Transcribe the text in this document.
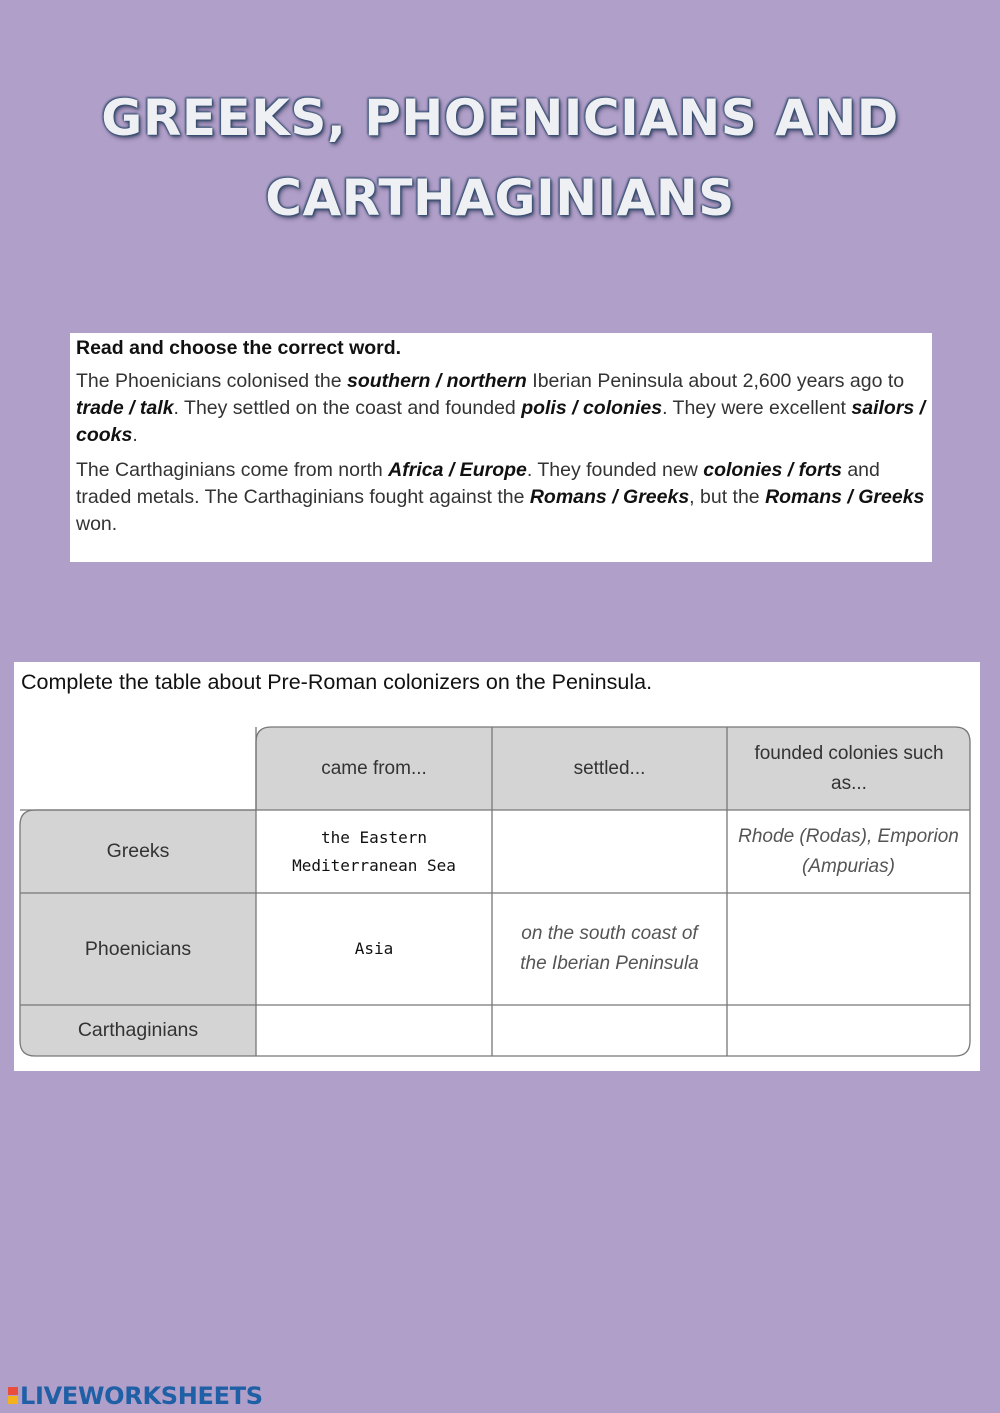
GREEKS, PHOENICIANS AND
CARTHAGINIANS
Read and choose the correct word.

The Phoenicians colonised the southern / northern Iberian Peninsula about 2,600 years ago to trade / talk. They settled on the coast and founded polis / colonies. They were excellent sailors / cooks.

The Carthaginians come from north Africa / Europe. They founded new colonies / forts and traded metals. The Carthaginians fought against the Romans / Greeks, but the Romans / Greeks won.

Complete the table about Pre-Roman colonizers on the Peninsula.
came from...	settled...
founded colonies such as...
Greeks
the Eastern Mediterranean Sea
Rhode (Rodas), Emporion (Ampurias)
Phoenicians	Asia
on the south coast of the Iberian Peninsula
Carthaginians
LIVEWORKSHEETS
